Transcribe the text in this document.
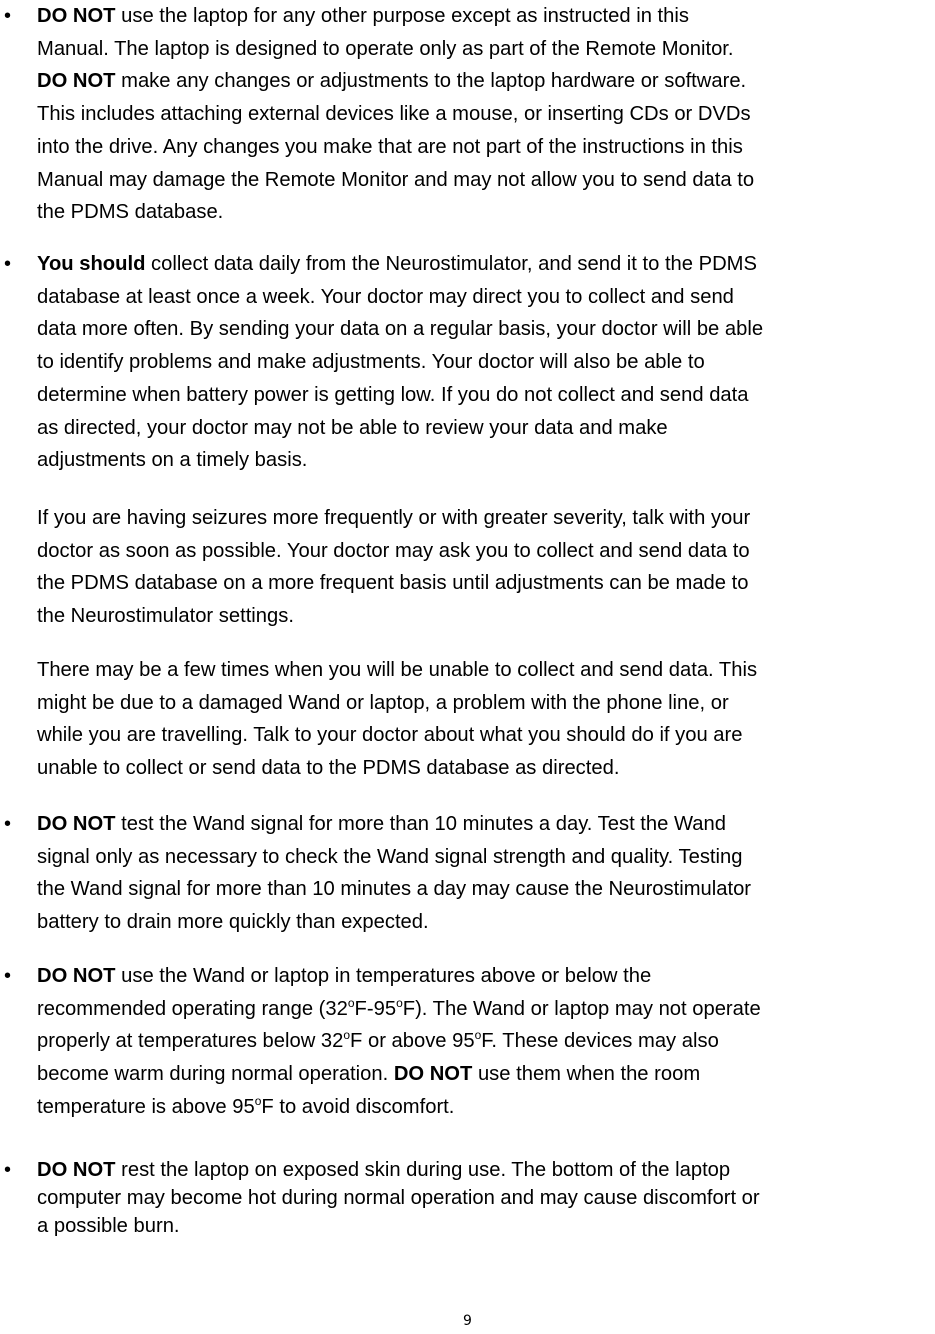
• DO NOT use the laptop for any other purpose except as instructed in this
Manual. The laptop is designed to operate only as part of the Remote Monitor.
DO NOT make any changes or adjustments to the laptop hardware or software.
This includes attaching external devices like a mouse, or inserting CDs or DVDs
into the drive. Any changes you make that are not part of the instructions in this
Manual may damage the Remote Monitor and may not allow you to send data to
the PDMS database.
• You should collect data daily from the Neurostimulator, and send it to the PDMS
database at least once a week. Your doctor may direct you to collect and send
data more often. By sending your data on a regular basis, your doctor will be able
to identify problems and make adjustments. Your doctor will also be able to
determine when battery power is getting low. If you do not collect and send data
as directed, your doctor may not be able to review your data and make
adjustments on a timely basis.
If you are having seizures more frequently or with greater severity, talk with your
doctor as soon as possible. Your doctor may ask you to collect and send data to
the PDMS database on a more frequent basis until adjustments can be made to
the Neurostimulator settings.
There may be a few times when you will be unable to collect and send data. This
might be due to a damaged Wand or laptop, a problem with the phone line, or
while you are travelling. Talk to your doctor about what you should do if you are
unable to collect or send data to the PDMS database as directed.
• DO NOT test the Wand signal for more than 10 minutes a day. Test the Wand
signal only as necessary to check the Wand signal strength and quality. Testing
the Wand signal for more than 10 minutes a day may cause the Neurostimulator
battery to drain more quickly than expected.
• DO NOT use the Wand or laptop in temperatures above or below the
recommended operating range (32$^o$F-95$^o$F). The Wand or laptop may not operate
properly at temperatures below 32$^o$F or above 95$^o$F. These devices may also
become warm during normal operation. DO NOT use them when the room
temperature is above 95$^o$F to avoid discomfort.
• DO NOT rest the laptop on exposed skin during use. The bottom of the laptop
computer may become hot during normal operation and may cause discomfort or
a possible burn.
9
